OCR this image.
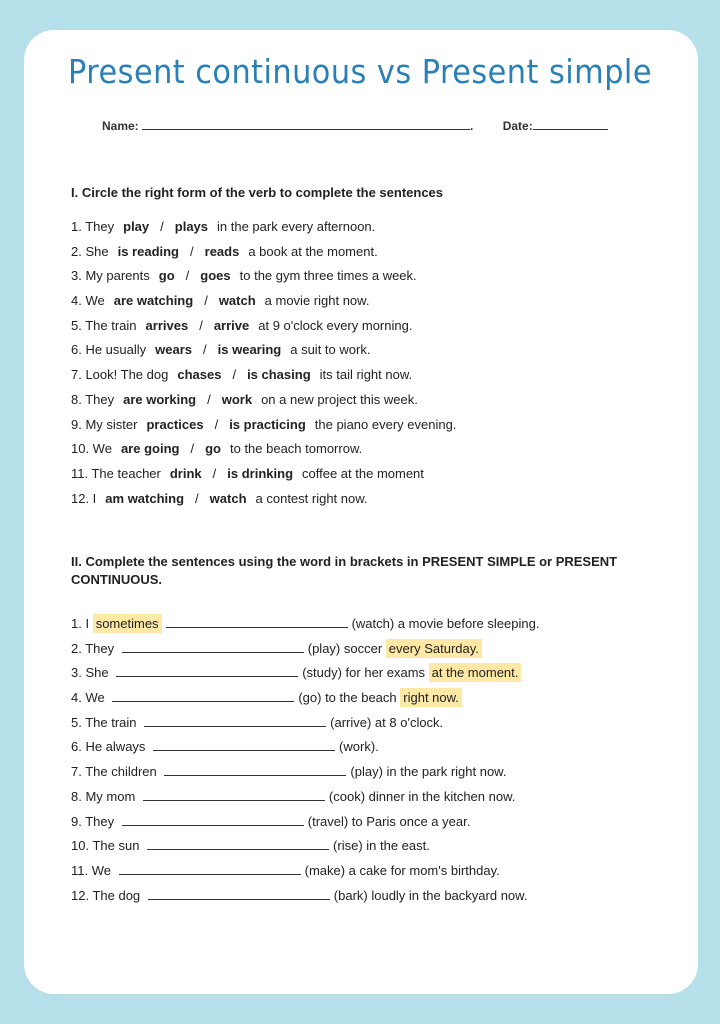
Present continuous vs Present simple
Name:	. Date:
I. Circle the right form of the verb to complete the sentences
1. They play / plays in the park every afternoon.
2. She is reading / reads a book at the moment.
3. My parents go / goes to the gym three times a week.
4. We are watching / watch a movie right now.
5. The train arrives / arrive at 9 o'clock every morning.
6. He usually wears / is wearing a suit to work.
7. Look! The dog chases / is chasing its tail right now.
8. They are working / work on a new project this week.
9. My sister practices / is practicing the piano every evening.
10. We are going / go to the beach tomorrow.
11. The teacher drink / is drinking coffee at the moment
12. I am watching / watch a contest right now.
II. Complete the sentences using the word in brackets in PRESENT SIMPLE or PRESENT CONTINUOUS.
1. I sometimes	(watch) a movie before sleeping.
2. They	(play) soccer every Saturday.
3. She	(study) for her exams at the moment.
4. We	(go) to the beach right now.
5. The train	(arrive) at 8 o'clock.
6. He always	(work).
7. The children	(play) in the park right now.
8. My mom	(cook) dinner in the kitchen now.
9. They	(travel) to Paris once a year.
10. The sun	(rise) in the east.
11. We	(make) a cake for mom's birthday.
12. The dog	(bark) loudly in the backyard now.
